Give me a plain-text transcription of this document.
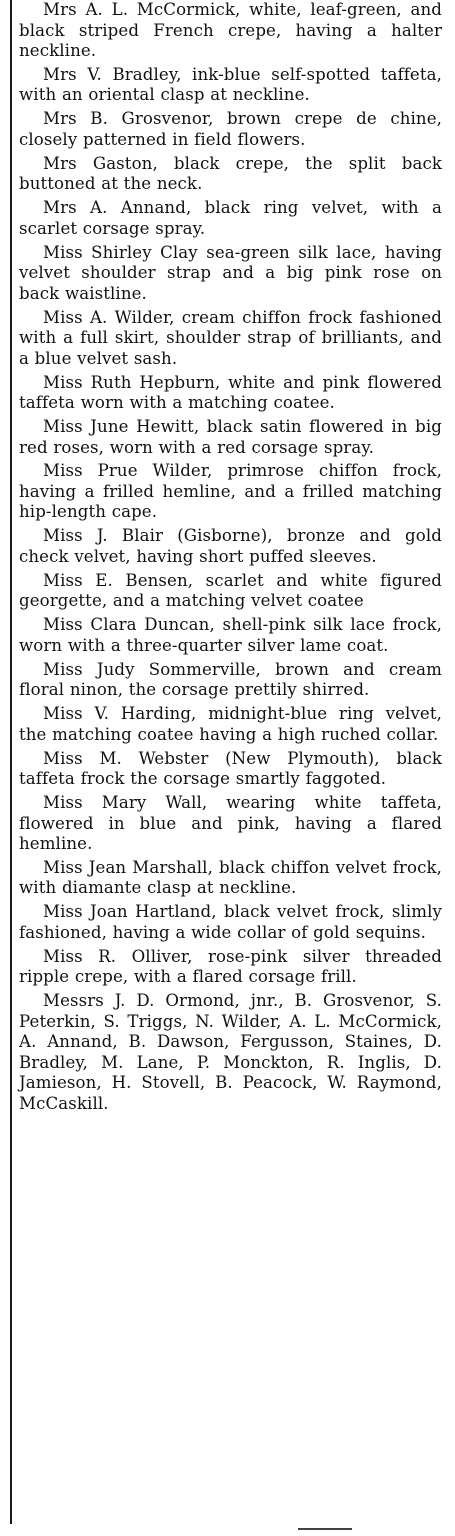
Mrs A. L. McCormick, white, leaf-green, and black striped French crepe, having a halter neckline.

Mrs V. Bradley, ink-blue self-spotted taffeta, with an oriental clasp at neckline.

Mrs B. Grosvenor, brown crepe de chine, closely patterned in field flowers.

Mrs Gaston, black crepe, the split back buttoned at the neck.

Mrs A. Annand, black ring velvet, with a scarlet corsage spray.

Miss Shirley Clay sea-green silk lace, having velvet shoulder strap and a big pink rose on back waistline.

Miss A. Wilder, cream chiffon frock fashioned with a full skirt, shoulder strap of brilliants, and a blue velvet sash.

Miss Ruth Hepburn, white and pink flowered taffeta worn with a matching coatee.

Miss June Hewitt, black satin flowered in big red roses, worn with a red corsage spray.

Miss Prue Wilder, primrose chiffon frock, having a frilled hemline, and a frilled matching hip-length cape.

Miss J. Blair (Gisborne), bronze and gold check velvet, having short puffed sleeves.

Miss E. Bensen, scarlet and white figured georgette, and a matching velvet coatee

Miss Clara Duncan, shell-pink silk lace frock, worn with a three-quarter silver lame coat.

Miss Judy Sommerville, brown and cream floral ninon, the corsage prettily shirred.

Miss V. Harding, midnight-blue ring velvet, the matching coatee having a high ruched collar.

Miss M. Webster (New Plymouth), black taffeta frock the corsage smartly faggoted.

Miss Mary Wall, wearing white taffeta, flowered in blue and pink, having a flared hemline.

Miss Jean Marshall, black chiffon velvet frock, with diamante clasp at neckline.

Miss Joan Hartland, black velvet frock, slimly fashioned, having a wide collar of gold sequins.

Miss R. Olliver, rose-pink silver threaded ripple crepe, with a flared corsage frill.

Messrs J. D. Ormond, jnr., B. Grosvenor, S. Peterkin, S. Triggs, N. Wilder, A. L. McCormick, A. Annand, B. Dawson, Fergusson, Staines, D. Bradley, M. Lane, P. Monckton, R. Inglis, D. Jamieson, H. Stovell, B. Peacock, W. Raymond, McCaskill.
